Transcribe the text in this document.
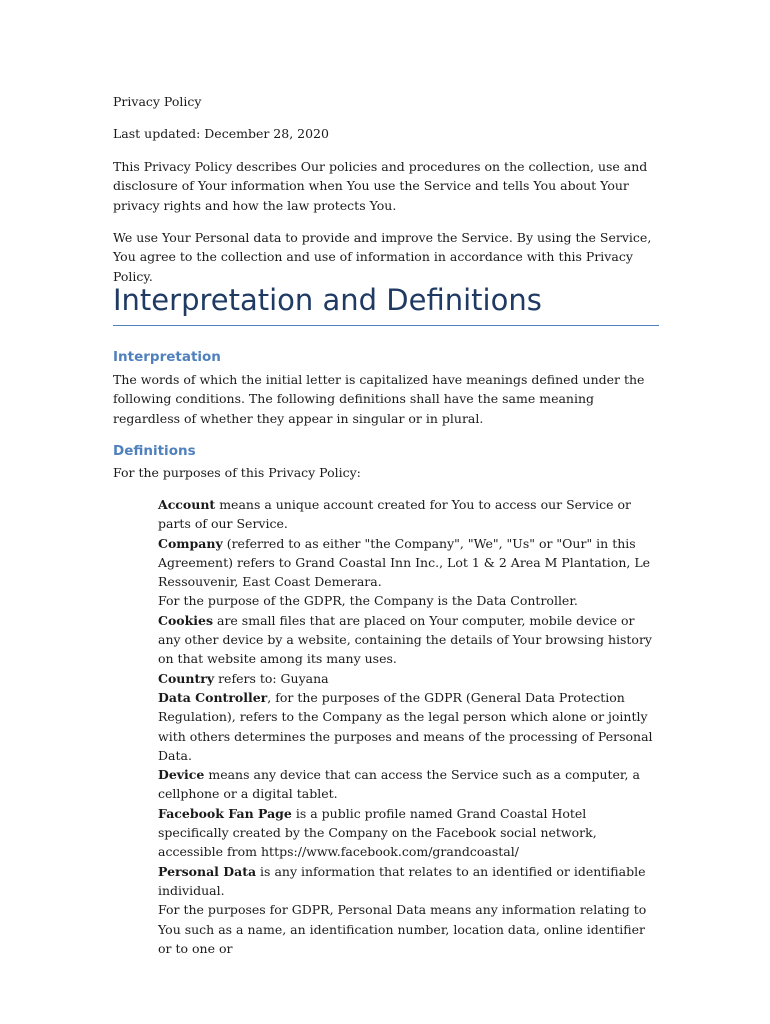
Privacy Policy

Last updated: December 28, 2020

This Privacy Policy describes Our policies and procedures on the collection, use and disclosure of Your information when You use the Service and tells You about Your privacy rights and how the law protects You.

We use Your Personal data to provide and improve the Service. By using the Service, You agree to the collection and use of information in accordance with this Privacy Policy.

Interpretation and Definitions
Interpretation

The words of which the initial letter is capitalized have meanings defined under the following conditions. The following definitions shall have the same meaning regardless of whether they appear in singular or in plural.

Definitions

For the purposes of this Privacy Policy:

Account means a unique account created for You to access our Service or parts of our Service.
Company (referred to as either "the Company", "We", "Us" or "Our" in this Agreement) refers to Grand Coastal Inn Inc., Lot 1 & 2 Area M Plantation, Le Ressouvenir, East Coast Demerara.
For the purpose of the GDPR, the Company is the Data Controller.
Cookies are small files that are placed on Your computer, mobile device or any other device by a website, containing the details of Your browsing history on that website among its many uses.
Country refers to: Guyana
Data Controller, for the purposes of the GDPR (General Data Protection Regulation), refers to the Company as the legal person which alone or jointly with others determines the purposes and means of the processing of Personal Data.
Device means any device that can access the Service such as a computer, a cellphone or a digital tablet.
Facebook Fan Page is a public profile named Grand Coastal Hotel specifically created by the Company on the Facebook social network, accessible from https://www.facebook.com/grandcoastal/
Personal Data is any information that relates to an identified or identifiable individual.
For the purposes for GDPR, Personal Data means any information relating to You such as a name, an identification number, location data, online identifier or to one or
